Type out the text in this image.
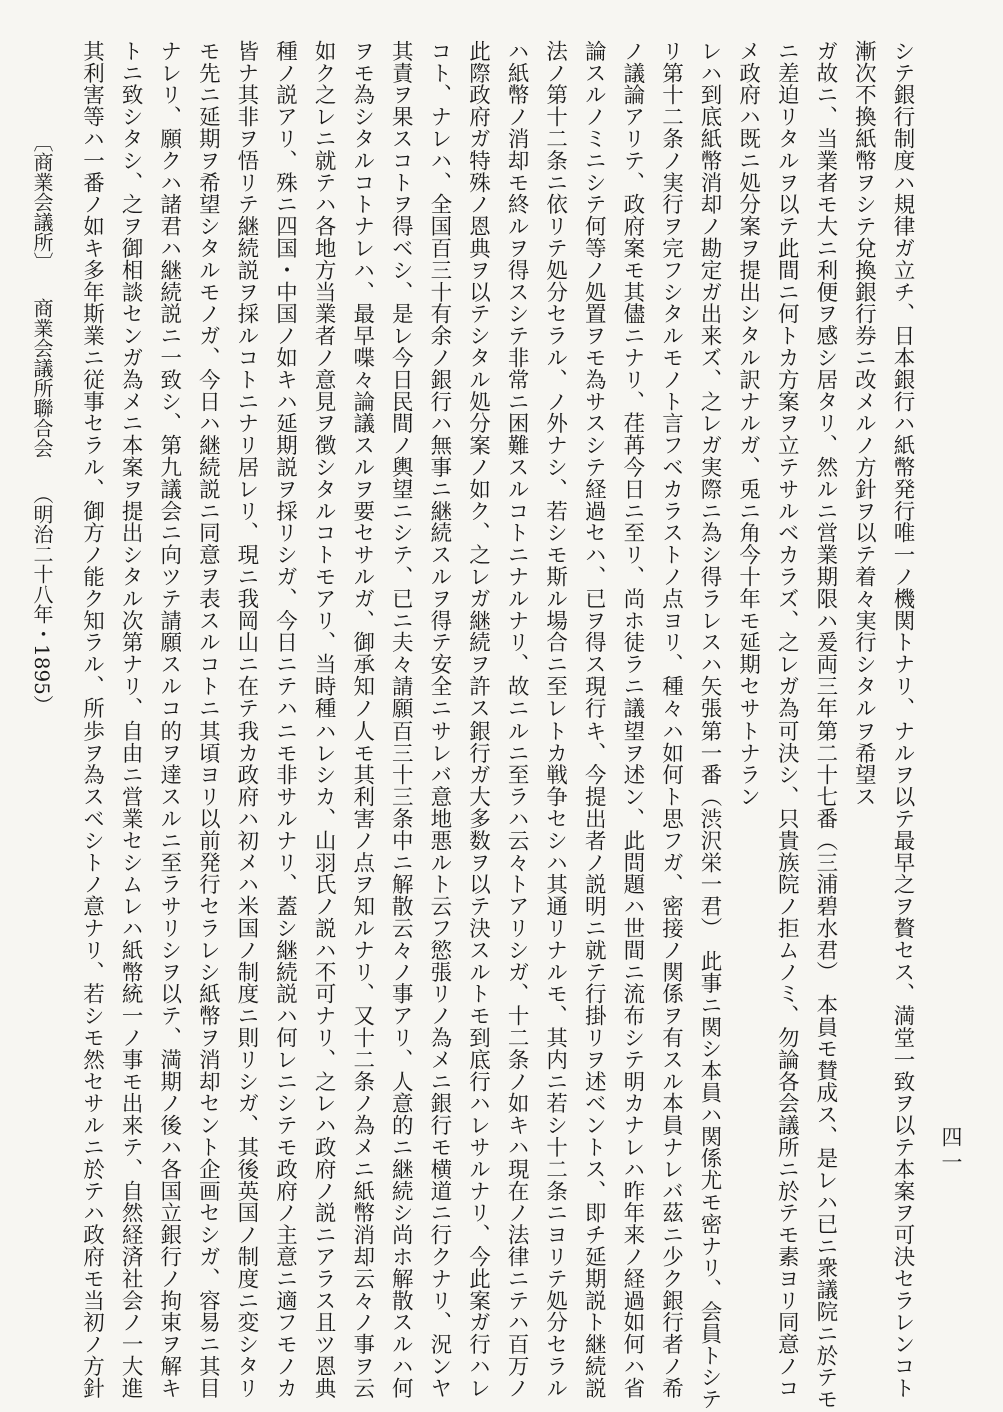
シテ銀行制度ハ規律ガ立チ、日本銀行ハ紙幣発行唯一ノ機関トナリ、

漸次不換紙幣ヲシテ兌換銀行券ニ改メルノ方針ヲ以テ着々実行シタル

ガ故ニ、当業者モ大ニ利便ヲ感シ居タリ、然ルニ営業期限ハ爰両三年

ニ差迫リタルヲ以テ此間ニ何トカ方案ヲ立テサルベカラズ、之レガ為

メ政府ハ既ニ処分案ヲ提出シタル訳ナルガ、兎ニ角今十年モ延期セサ

レハ到底紙幣消却ノ勘定ガ出来ズ、之レガ実際ニ為シ得ラレスハ矢張

リ第十二条ノ実行ヲ完フシタルモノト言フベカラストノ点ヨリ、種々

ノ議論アリテ、政府案モ其儘ニナリ、荏苒今日ニ至リ、尚ホ徒ラニ議

論スルノミニシテ何等ノ処置ヲモ為サスシテ経過セハ、已ヲ得ス現行

法ノ第十二条ニ依リテ処分セラル、ノ外ナシ、若シモ斯ル場合ニ至レ

ハ紙幣ノ消却モ終ルヲ得スシテ非常ニ困難スルコトニナルナリ、故ニ

此際政府ガ特殊ノ恩典ヲ以テシタル処分案ノ如ク、之レガ継続ヲ許ス

コト、ナレハ、全国百三十有余ノ銀行ハ無事ニ継続スルヲ得テ安全ニ

其責ヲ果スコトヲ得ベシ、是レ今日民間ノ輿望ニシテ、已ニ夫々請願

ヲモ為シタルコトナレハ、最早喋々論議スルヲ要セサルガ、御承知ノ

如ク之レニ就テハ各地方当業者ノ意見ヲ徴シタルコトモアリ、当時種

種ノ説アリ、殊ニ四国・中国ノ如キハ延期説ヲ採リシガ、今日ニテハ

皆ナ其非ヲ悟リテ継続説ヲ採ルコトニナリ居レリ、現ニ我岡山ニ在テ

モ先ニ延期ヲ希望シタルモノガ、今日ハ継続説ニ同意ヲ表スルコトニ

ナレリ、願クハ諸君ハ継続説ニ一致シ、第九議会ニ向ツテ請願スルコ

トニ致シタシ、之ヲ御相談センガ為メニ本案ヲ提出シタル次第ナリ、

其利害等ハ一番ノ如キ多年斯業ニ従事セラル、御方ノ能ク知ラル、所

ナルヲ以テ最早之ヲ贅セス、満堂一致ヲ以テ本案ヲ可決セラレンコト

ヲ希望ス

第二十七番（三浦碧水君）　本員モ賛成ス、是レハ已ニ衆議院ニ於テモ

可決シ、只貴族院ノ拒ムノミ、勿論各会議所ニ於テモ素ヨリ同意ノコ

トナラン

第一番（渋沢栄一君）　此事ニ関シ本員ハ関係尤モ密ナリ、会員トシテ

ハ如何ト思フガ、密接ノ関係ヲ有スル本員ナレバ茲ニ少ク銀行者ノ希

望ヲ述ン、此問題ハ世間ニ流布シテ明カナレハ昨年来ノ経過如何ハ省

キ、今提出者ノ説明ニ就テ行掛リヲ述ベントス、即チ延期説ト継続説

トカ戦争セシハ其通リナルモ、其内ニ若シ十二条ニヨリテ処分セラル

ルニ至ラハ云々トアリシガ、十二条ノ如キハ現在ノ法律ニテハ百万ノ

銀行ガ大多数ヲ以テ決スルトモ到底行ハレサルナリ、今此案ガ行ハレ

サレバ意地悪ルト云フ慾張リノ為メニ銀行モ横道ニ行クナリ、況ンヤ

百三十三条中ニ解散云々ノ事アリ、人意的ニ継続シ尚ホ解散スルハ何

人モ其利害ノ点ヲ知ルナリ、又十二条ノ為メニ紙幣消却云々ノ事ヲ云

ハレシカ、山羽氏ノ説ハ不可ナリ、之レハ政府ノ説ニアラス且ツ恩典

ニモ非サルナリ、蓋シ継続説ハ何レニシテモ政府ノ主意ニ適フモノカ

我カ政府ハ初メハ米国ノ制度ニ則リシガ、其後英国ノ制度ニ変シタリ

其頃ヨリ以前発行セラレシ紙幣ヲ消却セント企画セシガ、容易ニ其目

的ヲ達スルニ至ラサリシヲ以テ、満期ノ後ハ各国立銀行ノ拘束ヲ解キ

自由ニ営業セシムレハ紙幣統一ノ事モ出来テ、自然経済社会ノ一大進

歩ヲ為スベシトノ意ナリ、若シモ然セサルニ於テハ政府モ当初ノ方針

〔商業会議所〕商業会議所聯合会（明治二十八年・1895）
四一
